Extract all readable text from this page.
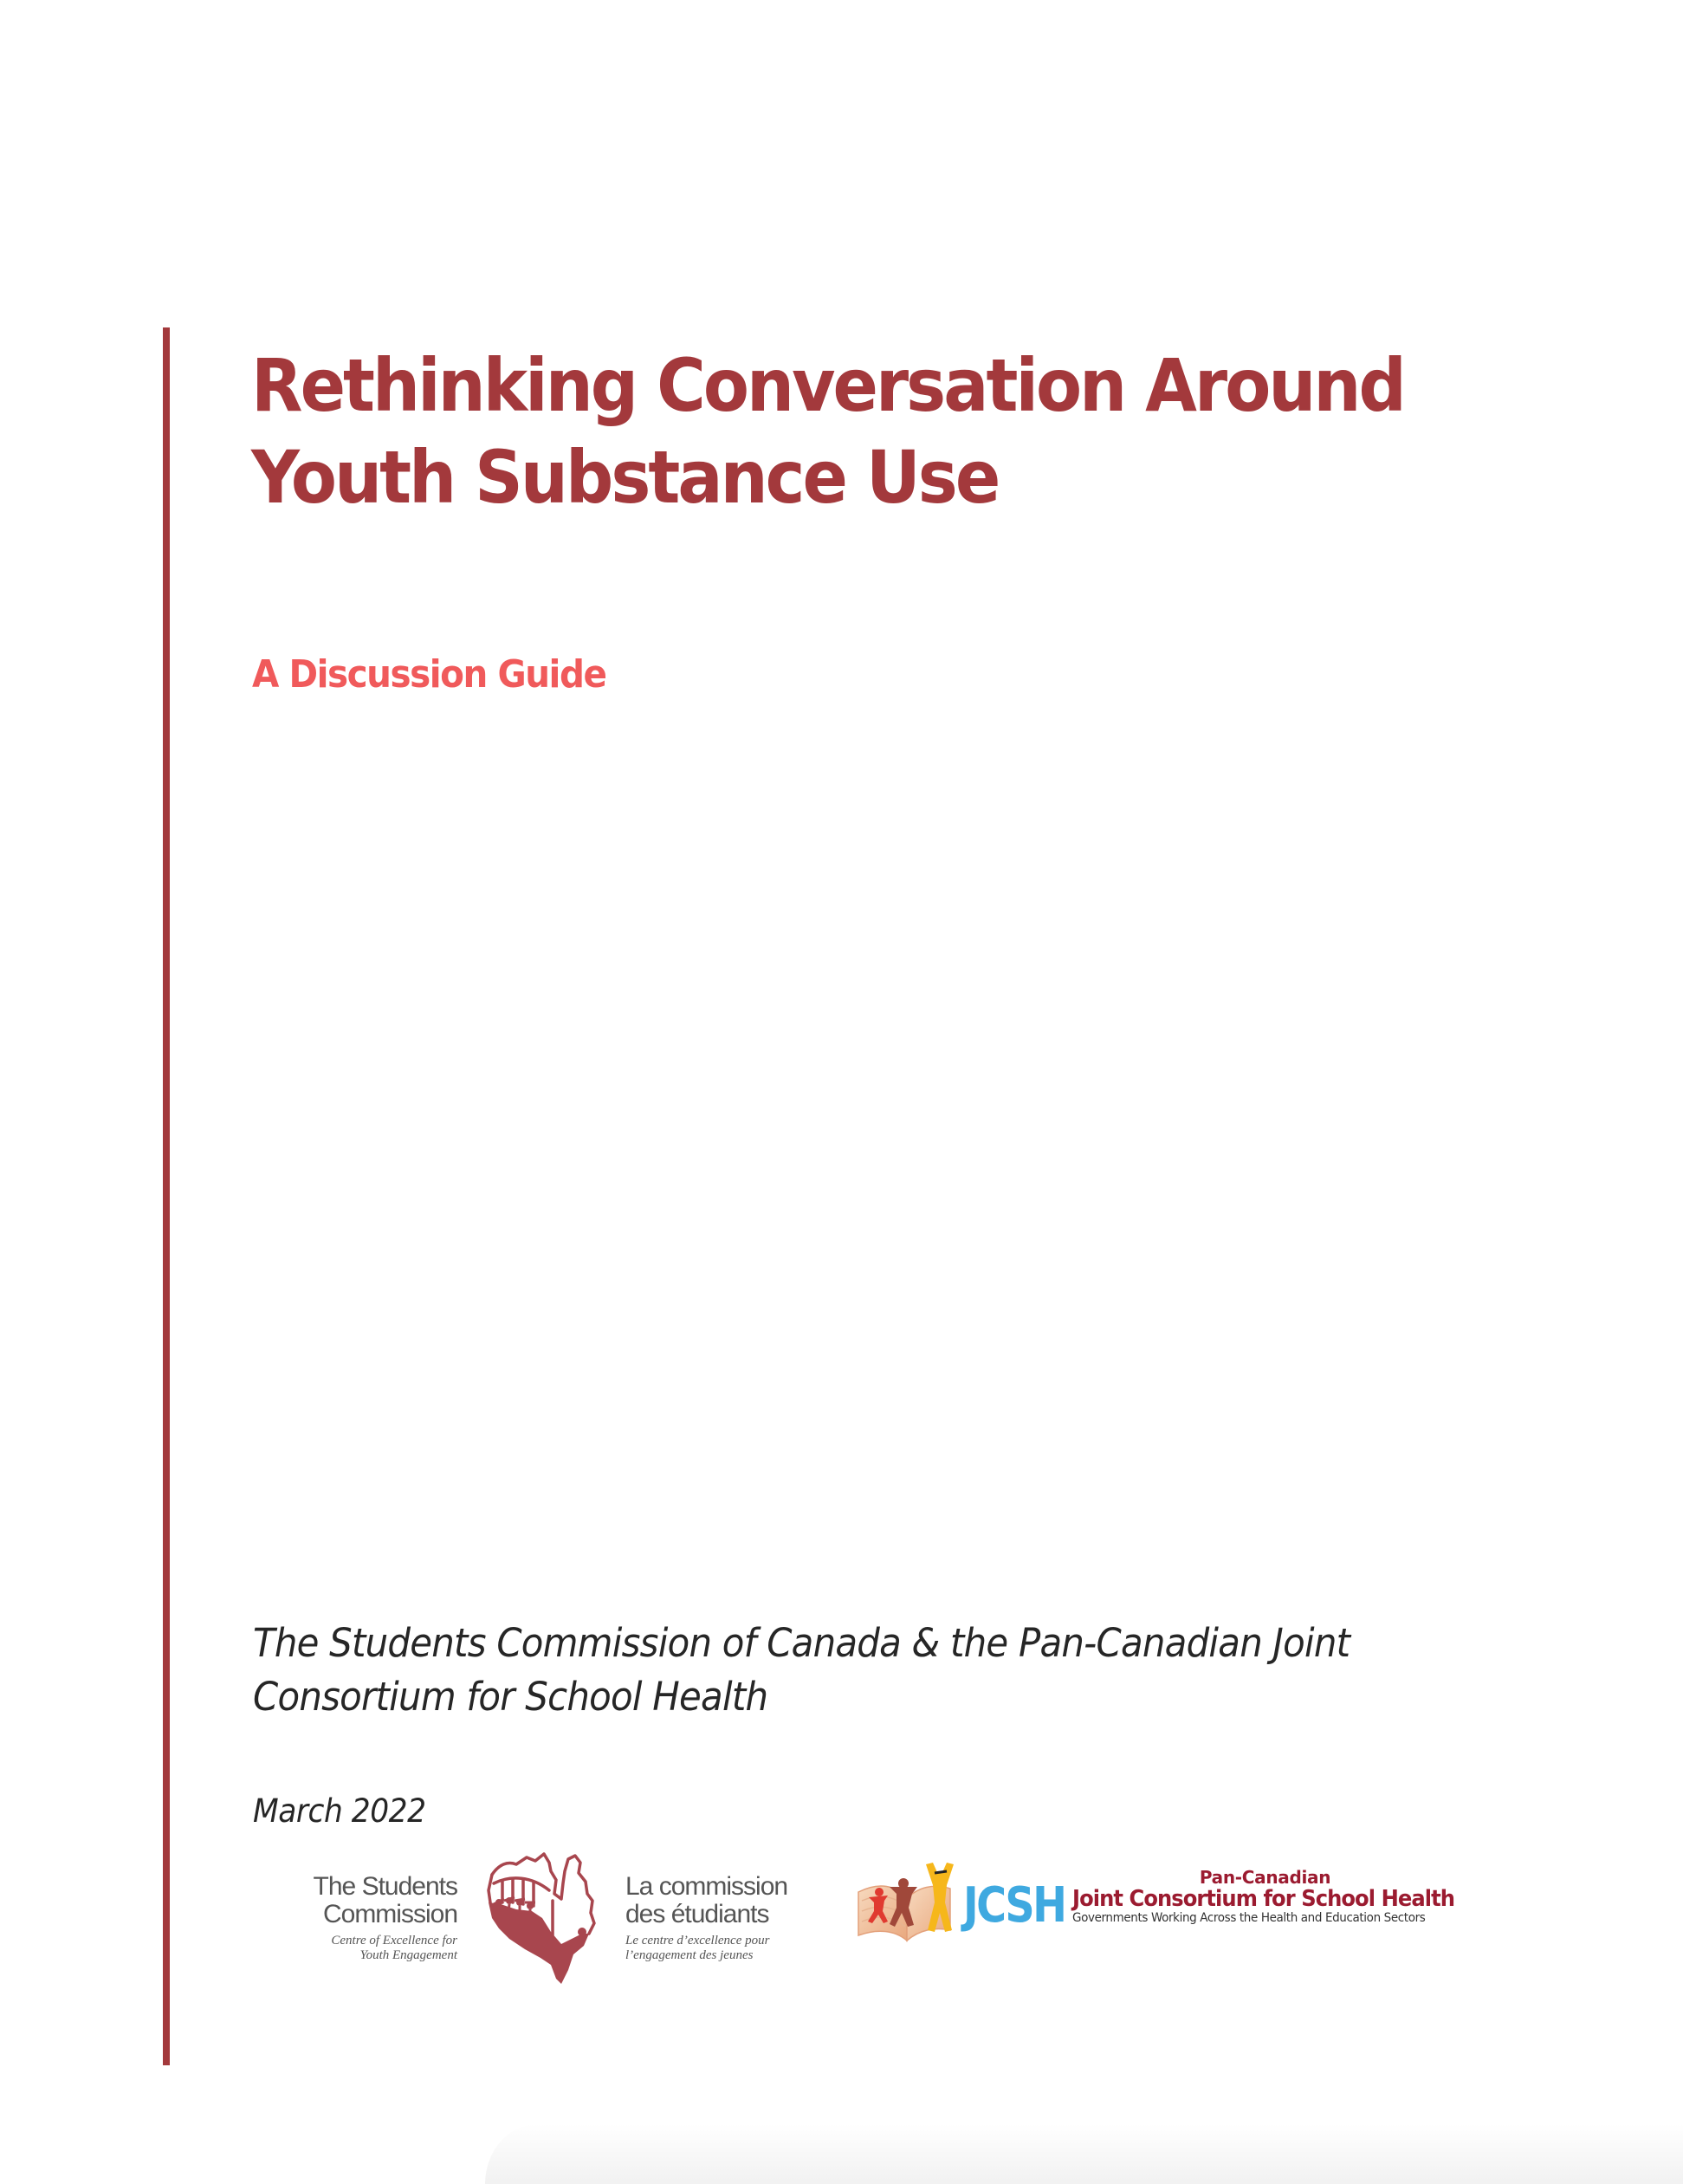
Rethinking Conversation Around
Youth Substance Use
A Discussion Guide

The Students Commission of Canada & the Pan-Canadian Joint
Consortium for School Health

March 2022

The Students
Commission
Centre of Excellence for
Youth Engagement
La commission
des étudiants
Le centre d’excellence pour
l’engagement des jeunes
JCSH	Pan-Canadian
Joint Consortium for School Health
Governments Working Across the Health and Education Sectors
